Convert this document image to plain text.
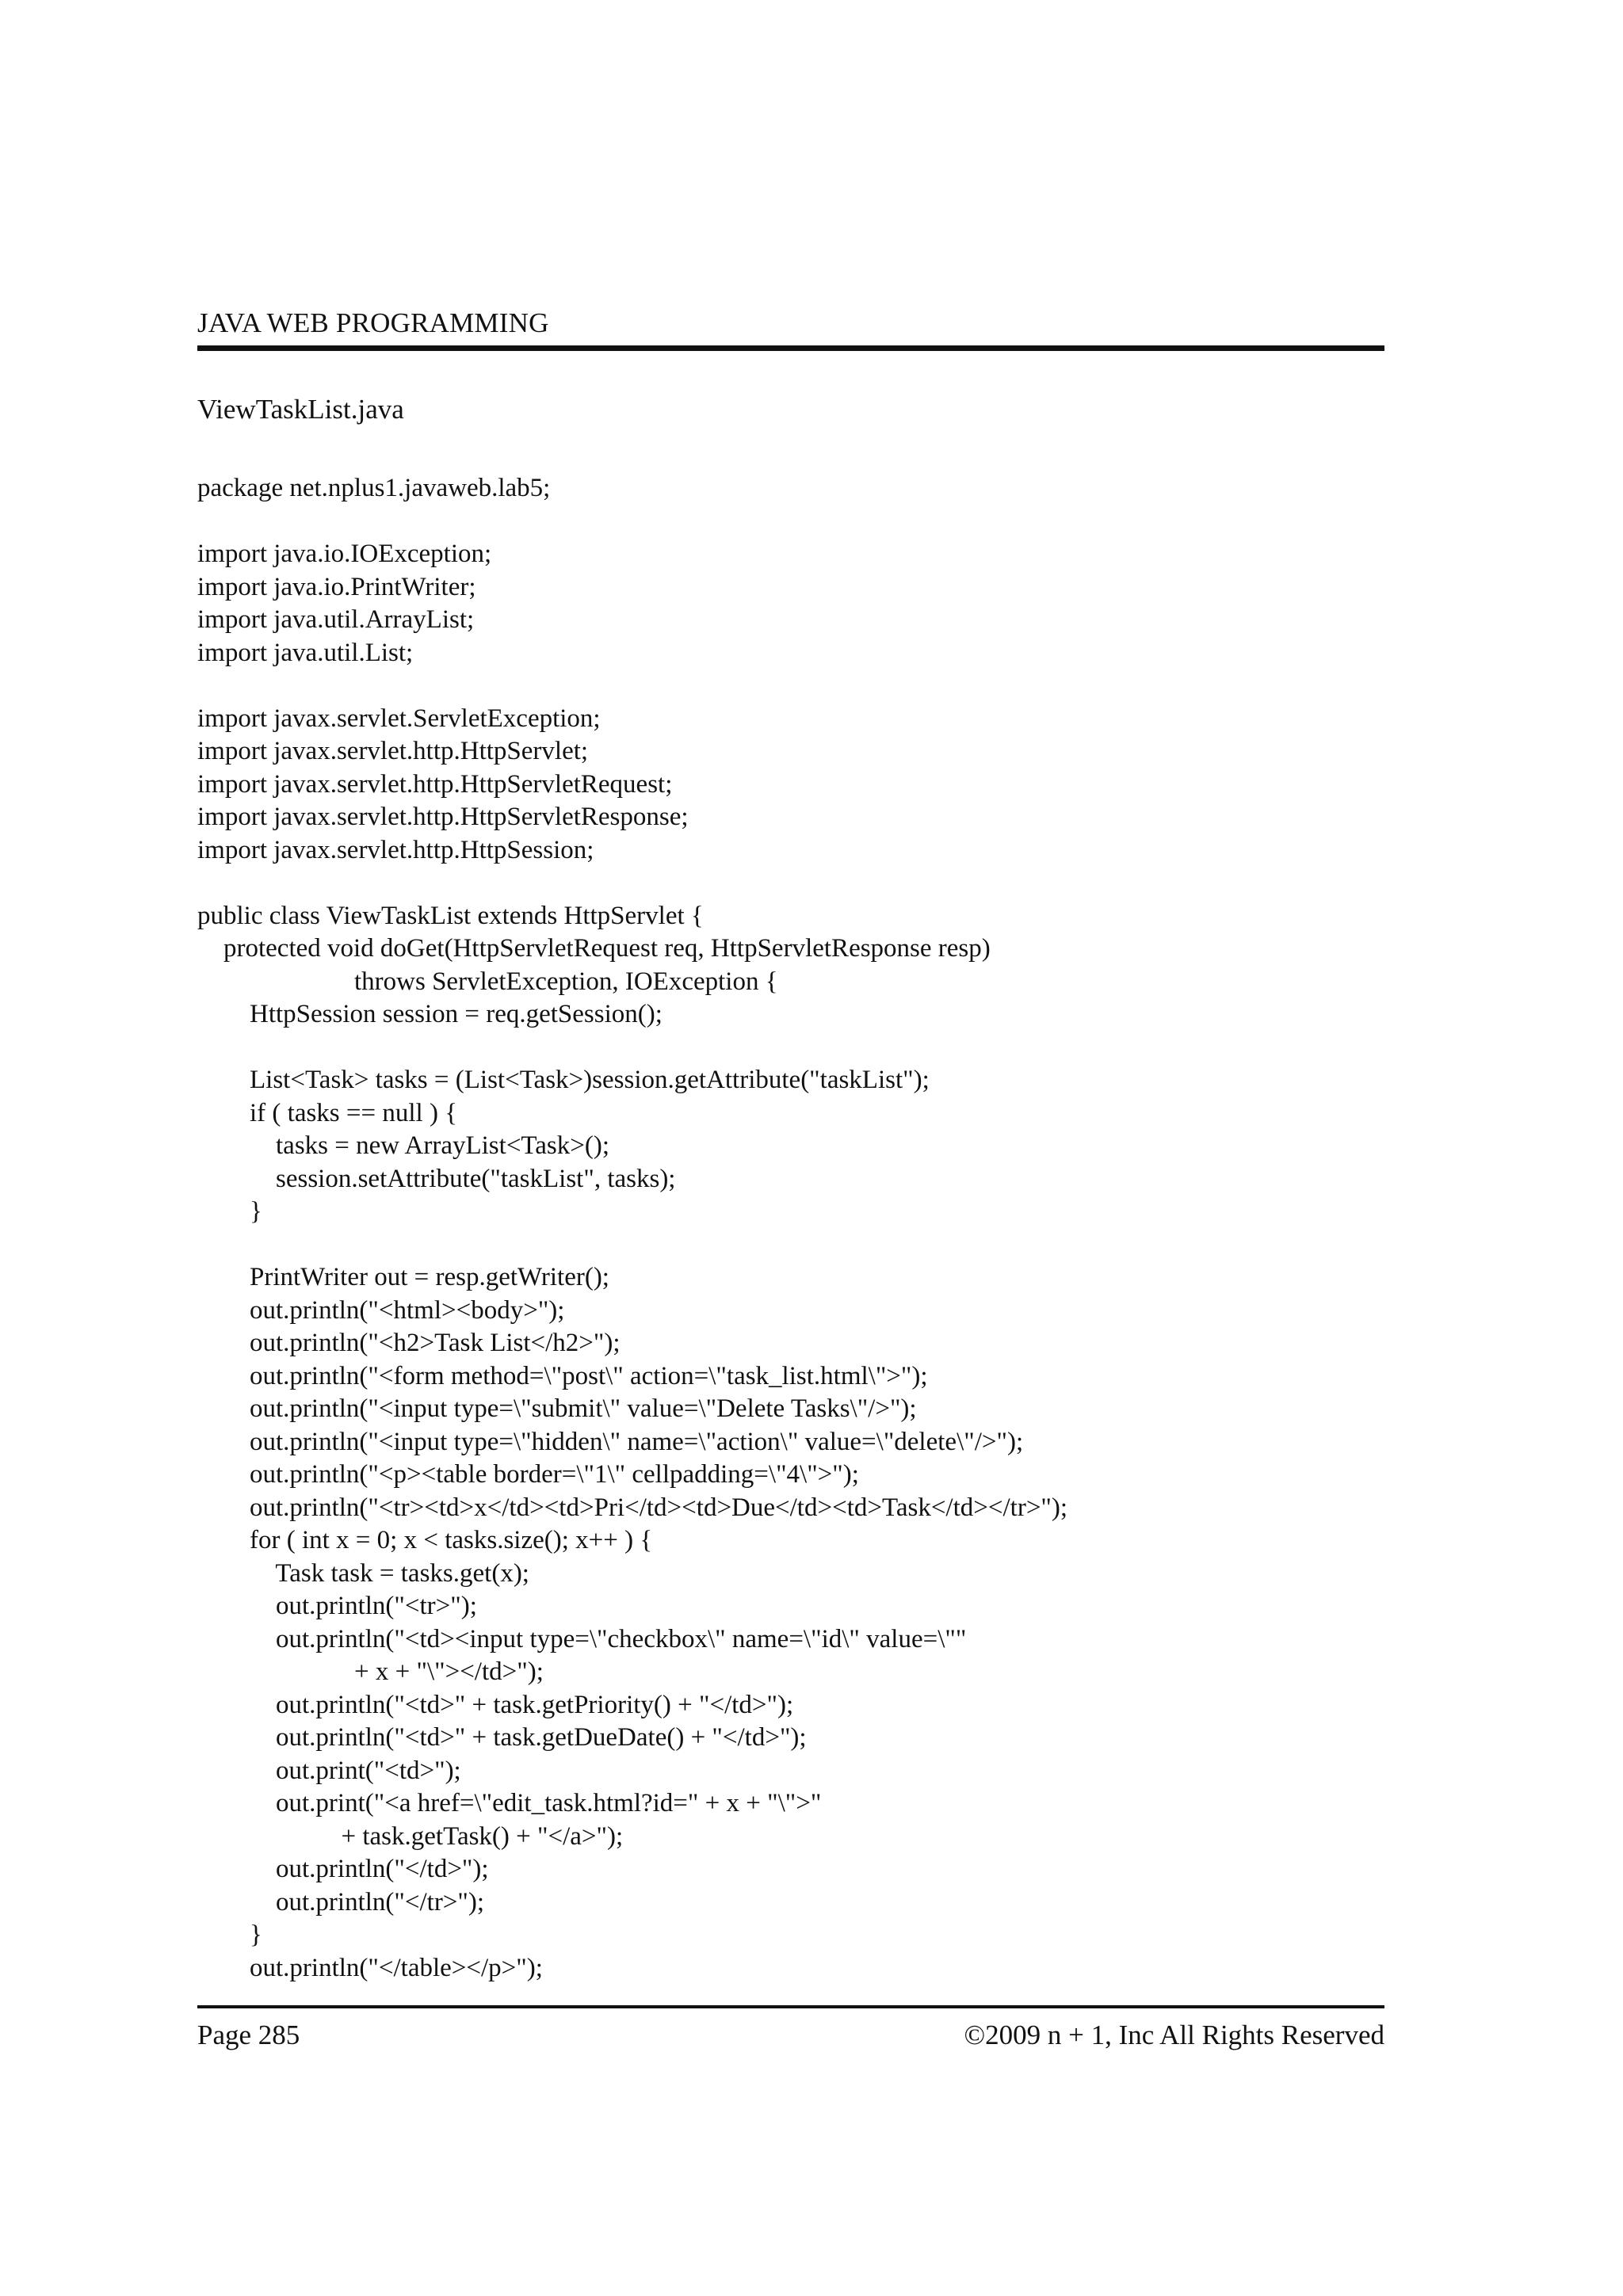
JAVA WEB PROGRAMMING
ViewTaskList.java
package net.nplus1.javaweb.lab5;
import java.io.IOException;
import java.io.PrintWriter;
import java.util.ArrayList;
import java.util.List;
import javax.servlet.ServletException;
import javax.servlet.http.HttpServlet;
import javax.servlet.http.HttpServletRequest;
import javax.servlet.http.HttpServletResponse;
import javax.servlet.http.HttpSession;
public class ViewTaskList extends HttpServlet {
protected void doGet(HttpServletRequest req, HttpServletResponse resp)
throws ServletException, IOException {
HttpSession session = req.getSession();
List<Task> tasks = (List<Task>)session.getAttribute("taskList");
if ( tasks == null ) {
tasks = new ArrayList<Task>();
session.setAttribute("taskList", tasks);
}
PrintWriter out = resp.getWriter();
out.println("<html><body>");
out.println("<h2>Task List</h2>");
out.println("<form method=\"post\" action=\"task_list.html\">");
out.println("<input type=\"submit\" value=\"Delete Tasks\"/>");
out.println("<input type=\"hidden\" name=\"action\" value=\"delete\"/>");
out.println("<p><table border=\"1\" cellpadding=\"4\">");
out.println("<tr><td>x</td><td>Pri</td><td>Due</td><td>Task</td></tr>");
for ( int x = 0; x < tasks.size(); x++ ) {
Task task = tasks.get(x);
out.println("<tr>");
out.println("<td><input type=\"checkbox\" name=\"id\" value=\""
+ x + "\"></td>");
out.println("<td>" + task.getPriority() + "</td>");
out.println("<td>" + task.getDueDate() + "</td>");
out.print("<td>");
out.print("<a href=\"edit_task.html?id=" + x + "\">"
+ task.getTask() + "</a>");
out.println("</td>");
out.println("</tr>");
}
out.println("</table></p>");
Page 285	©2009 n + 1, Inc All Rights Reserved
